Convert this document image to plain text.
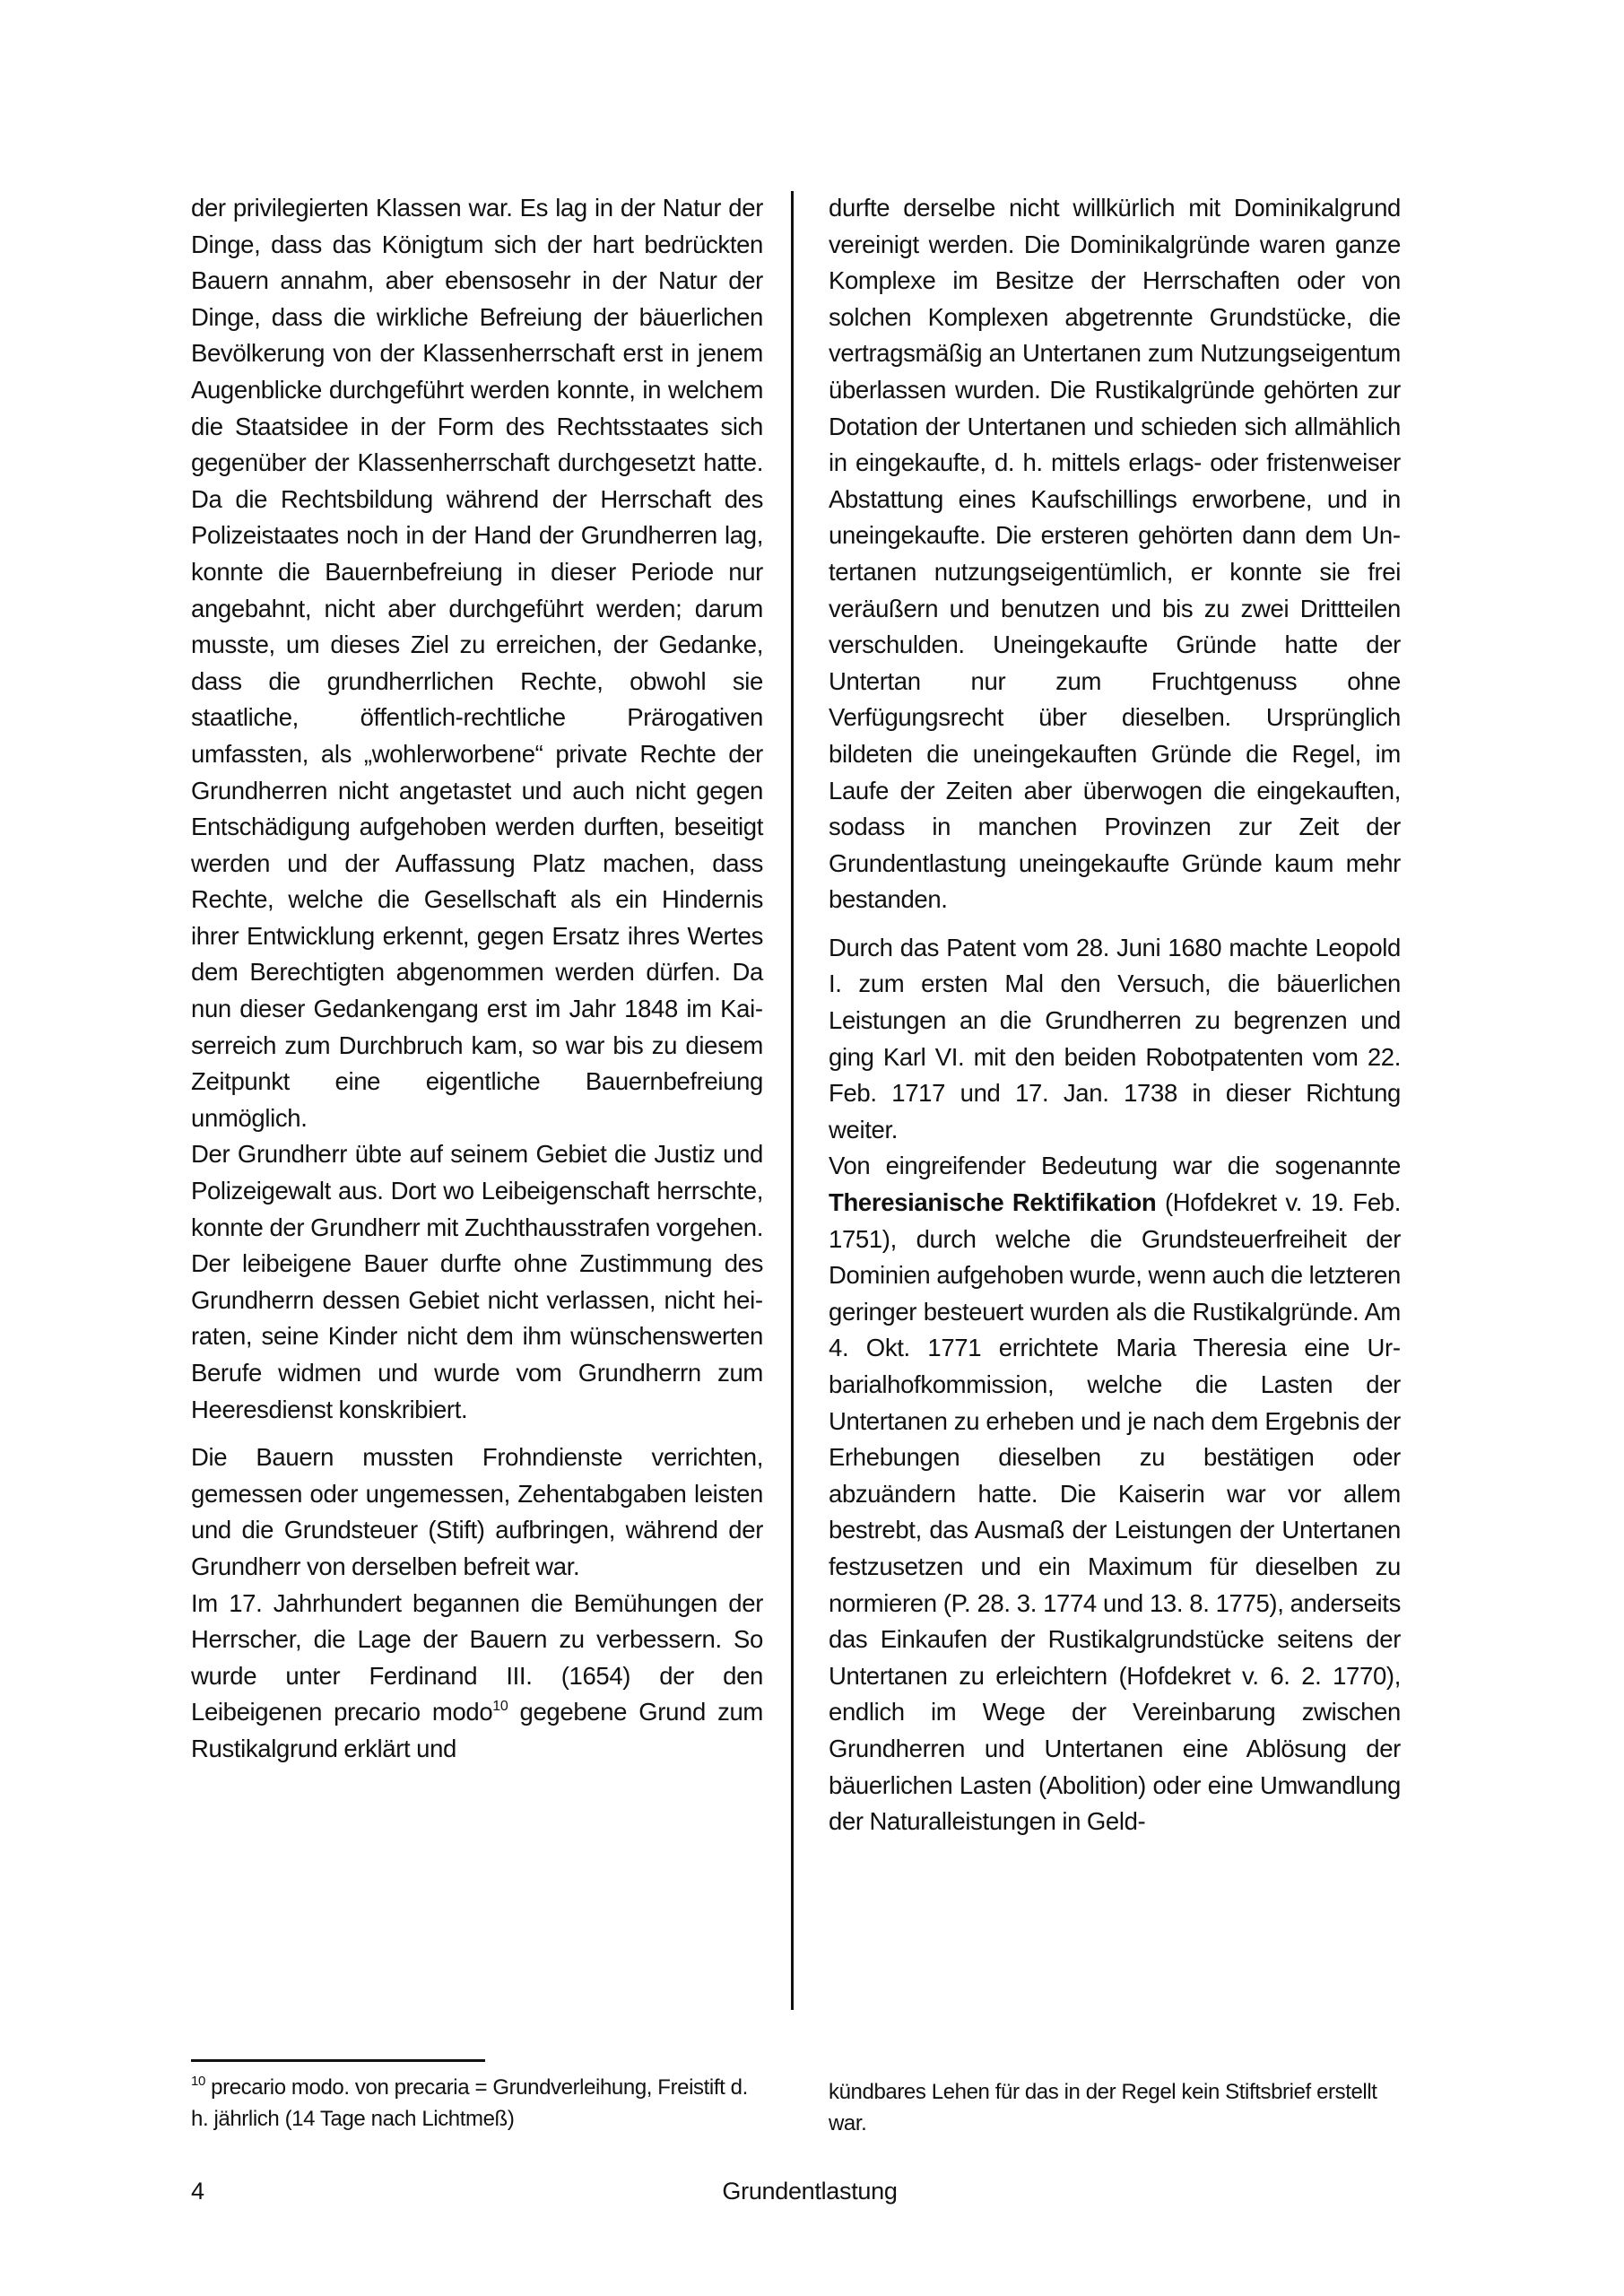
der privilegierten Klassen war. Es lag in der Natur der Dinge, dass das Königtum sich der hart bedrückten Bauern annahm, aber ebensosehr in der Natur der Dinge, dass die wirkliche Befreiung der bäuerlichen Bevölkerung von der Klassenherrschaft erst in jenem Augenblicke durchgeführt werden konnte, in welchem die Staatsidee in der Form des Rechtsstaates sich gegenüber der Klassenherrschaft durchgesetzt hatte. Da die Rechtsbildung während der Herrschaft des Polizeistaates noch in der Hand der Grundherren lag, konnte die Bauernbefreiung in dieser Periode nur angebahnt, nicht aber durchgeführt werden; darum musste, um dieses Ziel zu erreichen, der Gedanke, dass die grundherrlichen Rechte, obwohl sie staatliche, öffentlich-rechtliche Prärogativen umfassten, als „wohlerworbene“ private Rechte der Grundherren nicht angetastet und auch nicht gegen Entschädigung aufgehoben werden durften, beseitigt werden und der Auffassung Platz machen, dass Rechte, welche die Gesellschaft als ein Hindernis ihrer Entwicklung erkennt, gegen Ersatz ihres Wertes dem Berechtigten abgenommen werden dürfen. Da nun dieser Gedankengang erst im Jahr 1848 im Kaiserreich zum Durchbruch kam, so war bis zu diesem Zeitpunkt eine eigentliche Bauernbefreiung unmöglich.

Der Grundherr übte auf seinem Gebiet die Justiz und Polizeigewalt aus. Dort wo Leibeigenschaft herrschte, konnte der Grundherr mit Zuchthausstrafen vorgehen. Der leibeigene Bauer durfte ohne Zustimmung des Grundherrn dessen Gebiet nicht verlassen, nicht heiraten, seine Kinder nicht dem ihm wünschenswerten Berufe widmen und wurde vom Grundherrn zum Heeresdienst konskribiert.

Die Bauern mussten Frohndienste verrichten, gemessen oder ungemessen, Zehentabgaben leisten und die Grundsteuer (Stift) aufbringen, während der Grundherr von derselben befreit war.

Im 17. Jahrhundert begannen die Bemühungen der Herrscher, die Lage der Bauern zu verbessern. So wurde unter Ferdinand III. (1654) der den Leibeigenen precario modo$^{10}$ gegebene Grund zum Rustikalgrund erklärt und

durfte derselbe nicht willkürlich mit Dominikalgrund vereinigt werden. Die Dominikalgründe waren ganze Komplexe im Besitze der Herrschaften oder von solchen Komplexen abgetrennte Grundstücke, die vertragsmäßig an Untertanen zum Nutzungseigentum überlassen wurden. Die Rustikalgründe gehörten zur Dotation der Untertanen und schieden sich allmählich in eingekaufte, d. h. mittels erlags- oder fristenweiser Abstattung eines Kaufschillings erworbene, und in uneingekaufte. Die ersteren gehörten dann dem Untertanen nutzungseigentümlich, er konnte sie frei veräußern und benutzen und bis zu zwei Drittteilen verschulden. Uneingekaufte Gründe hatte der Untertan nur zum Fruchtgenuss ohne Verfügungsrecht über dieselben. Ursprünglich bildeten die uneingekauften Gründe die Regel, im Laufe der Zeiten aber überwogen die eingekauften, sodass in manchen Provinzen zur Zeit der Grundentlastung uneingekaufte Gründe kaum mehr bestanden.

Durch das Patent vom 28. Juni 1680 machte Leopold I. zum ersten Mal den Versuch, die bäuerlichen Leistungen an die Grundherren zu begrenzen und ging Karl VI. mit den beiden Robotpatenten vom 22. Feb. 1717 und 17. Jan. 1738 in dieser Richtung weiter.

Von eingreifender Bedeutung war die sogenannte Theresianische Rektifikation (Hofdekret v. 19. Feb. 1751), durch welche die Grundsteuerfreiheit der Dominien aufgehoben wurde, wenn auch die letzteren geringer besteuert wurden als die Rustikalgründe. Am 4. Okt. 1771 errichtete Maria Theresia eine Urbarialhofkommission, welche die Lasten der Untertanen zu erheben und je nach dem Ergebnis der Erhebungen dieselben zu bestätigen oder abzuändern hatte. Die Kaiserin war vor allem bestrebt, das Ausmaß der Leistungen der Untertanen festzusetzen und ein Maximum für dieselben zu normieren (P. 28. 3. 1774 und 13. 8. 1775), anderseits das Einkaufen der Rustikalgrundstücke seitens der Untertanen zu erleichtern (Hofdekret v. 6. 2. 1770), endlich im Wege der Vereinbarung zwischen Grundherren und Untertanen eine Ablösung der bäuerlichen Lasten (Abolition) oder eine Umwandlung der Naturalleistungen in Geld-

$^{10}$ precario modo. von precaria = Grundverleihung, Freistift d. h. jährlich (14 Tage nach Lichtmeß)
kündbares Lehen für das in der Regel kein Stiftsbrief erstellt war.
4	Grundentlastung
